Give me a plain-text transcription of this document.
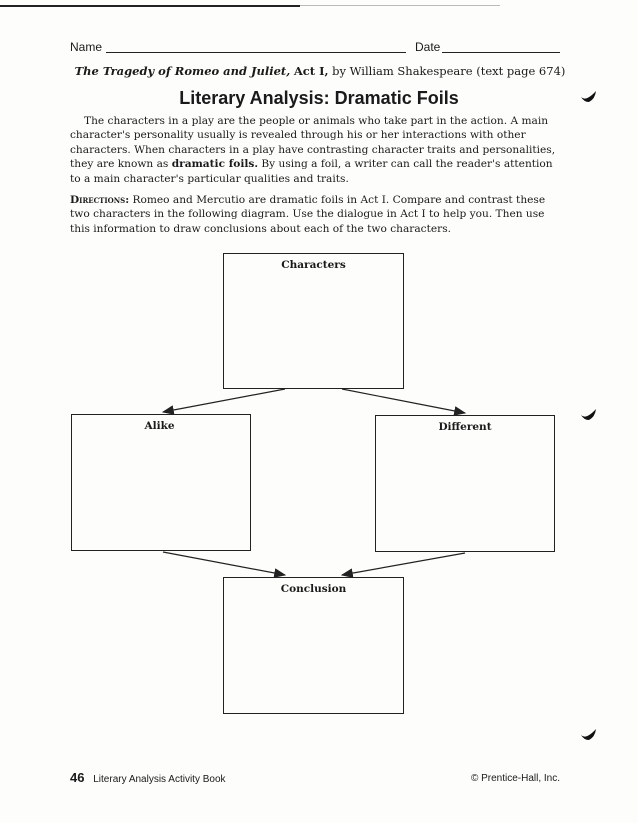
Name	Date
The Tragedy of Romeo and Juliet, Act I, by William Shakespeare (text page 674)
Literary Analysis: Dramatic Foils

The characters in a play are the people or animals who take part in the action. A main character's personality usually is revealed through his or her interactions with other characters. When characters in a play have contrasting character traits and personalities, they are known as dramatic foils. By using a foil, a writer can call the reader's attention to a main character's particular qualities and traits.

Directions: Romeo and Mercutio are dramatic foils in Act I. Compare and contrast these two characters in the following diagram. Use the dialogue in Act I to help you. Then use this information to draw conclusions about each of the two characters.

Characters
Alike	Different
Conclusion
46 Literary Analysis Activity Book	© Prentice-Hall, Inc.
